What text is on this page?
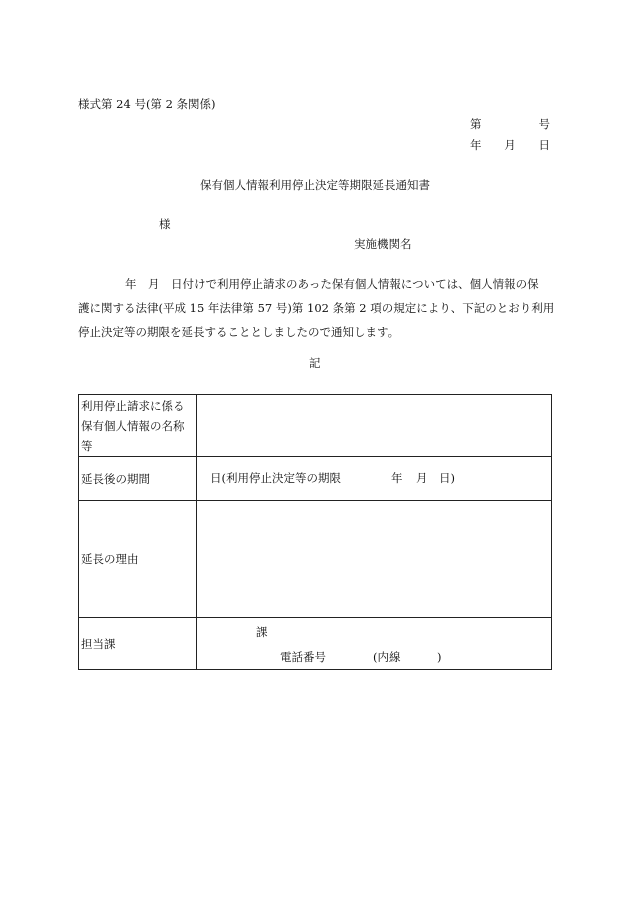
様式第 24 号(第 2 条関係)
第	号
年 月 日
保有個人情報利用停止決定等期限延長通知書
様
実施機関名
年　月　日付けで利用停止請求のあった保有個人情報については、個人情報の保
護に関する法律(平成 15 年法律第 57 号)第 102 条第 2 項の規定により、下記のとおり利用
停止決定等の期限を延長することとしましたので通知します。
記
利用停止請求に係る
保有個人情報の名称
等	

延長後の期間	日(利用停止決定等の期限 年 月 日)

延長の理由	
担当課	課
電話番号 (内線 )
